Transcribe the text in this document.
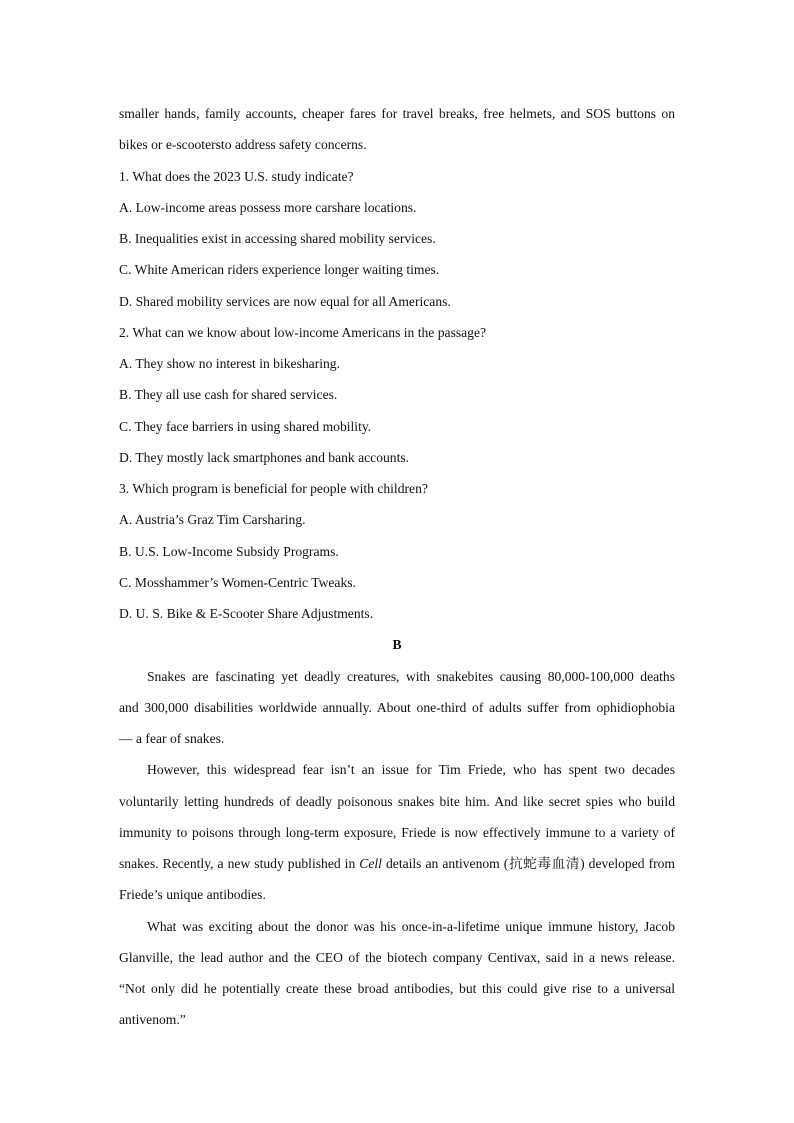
smaller hands, family accounts, cheaper fares for travel breaks, free helmets, and SOS buttons on
bikes or e-scootersto address safety concerns.
1. What does the 2023 U.S. study indicate?
A. Low-income areas possess more carshare locations.
B. Inequalities exist in accessing shared mobility services.
C. White American riders experience longer waiting times.
D. Shared mobility services are now equal for all Americans.
2. What can we know about low-income Americans in the passage?
A. They show no interest in bikesharing.
B. They all use cash for shared services.
C. They face barriers in using shared mobility.
D. They mostly lack smartphones and bank accounts.
3. Which program is beneficial for people with children?
A. Austria’s Graz Tim Carsharing.
B. U.S. Low-Income Subsidy Programs.
C. Mosshammer’s Women-Centric Tweaks.
D. U. S. Bike & E-Scooter Share Adjustments.
B
Snakes are fascinating yet deadly creatures, with snakebites causing 80,000-100,000 deaths
and 300,000 disabilities worldwide annually. About one-third of adults suffer from ophidiophobia
— a fear of snakes.
However, this widespread fear isn’t an issue for Tim Friede, who has spent two decades
voluntarily letting hundreds of deadly poisonous snakes bite him. And like secret spies who build
immunity to poisons through long-term exposure, Friede is now effectively immune to a variety of
snakes. Recently, a new study published in Cell details an antivenom (抗蛇毒血清) developed from
Friede’s unique antibodies.
What was exciting about the donor was his once-in-a-lifetime unique immune history, Jacob
Glanville, the lead author and the CEO of the biotech company Centivax, said in a news release.
“Not only did he potentially create these broad antibodies, but this could give rise to a universal
antivenom.”
